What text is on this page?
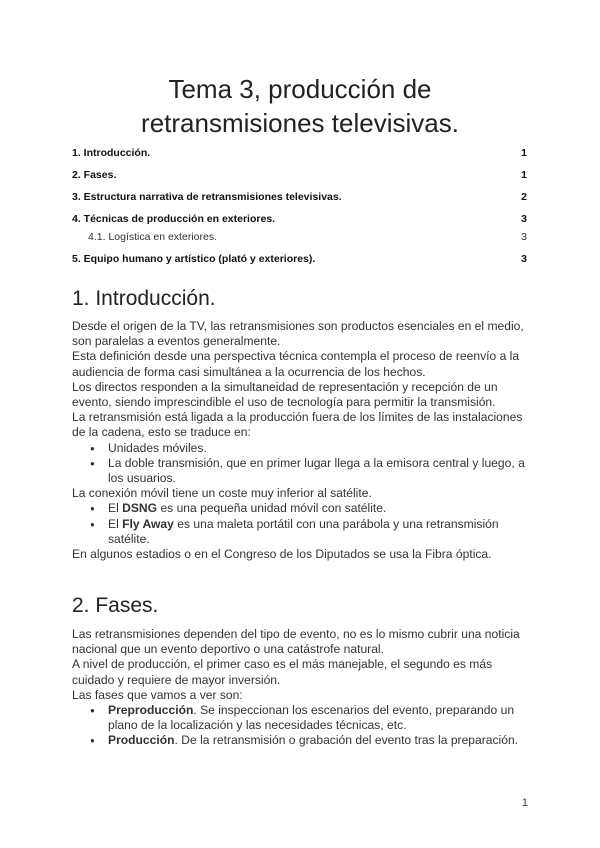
Tema 3, producción de
retransmisiones televisivas.
1. Introducción.	1
2. Fases.	1
3. Estructura narrativa de retransmisiones televisivas.	2
4. Técnicas de producción en exteriores.	3
4.1. Logística en exteriores.	3
5. Equipo humano y artístico (plató y exteriores).	3
1. Introducción.

Desde el origen de la TV, las retransmisiones son productos esenciales en el medio, son paralelas a eventos generalmente.

Esta definición desde una perspectiva técnica contempla el proceso de reenvío a la audiencia de forma casi simultánea a la ocurrencia de los hechos.

Los directos responden a la simultaneidad de representación y recepción de un evento, siendo imprescindible el uso de tecnología para permitir la transmisión.

La retransmisión está ligada a la producción fuera de los límites de las instalaciones de la cadena, esto se traduce en:

● Unidades móviles.
● La doble transmisión, que en primer lugar llega a la emisora central y luego, a los usuarios.

La conexión móvil tiene un coste muy inferior al satélite.

● El DSNG es una pequeña unidad móvil con satélite.
● El Fly Away es una maleta portátil con una parábola y una retransmisión satélite.

En algunos estadios o en el Congreso de los Diputados se usa la Fibra óptica.

2. Fases.

Las retransmisiones dependen del tipo de evento, no es lo mismo cubrir una noticia nacional que un evento deportivo o una catástrofe natural.

A nivel de producción, el primer caso es el más manejable, el segundo es más cuidado y requiere de mayor inversión.

Las fases que vamos a ver son:

● Preproducción. Se inspeccionan los escenarios del evento, preparando un plano de la localización y las necesidades técnicas, etc.
● Producción. De la retransmisión o grabación del evento tras la preparación.
1
